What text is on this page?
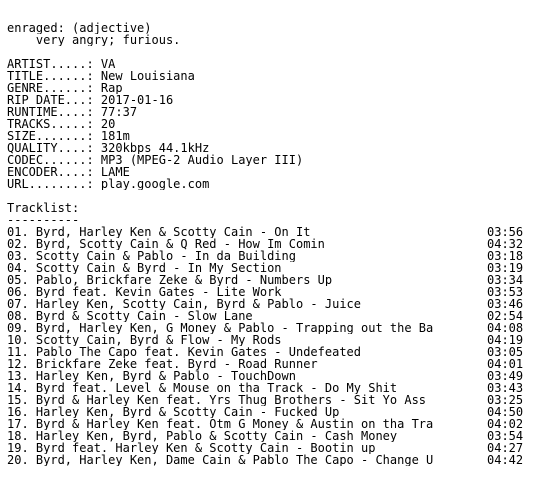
enraged: (adjective)
very angry; furious.
ARTIST.....: VA
TITLE......: New Louisiana
GENRE......: Rap
RIP DATE...: 2017-01-16
RUNTIME....: 77:37
TRACKS.....: 20
SIZE.......: 181m
QUALITY....: 320kbps 44.1kHz
CODEC......: MP3 (MPEG-2 Audio Layer III)
ENCODER....: LAME
URL........: play.google.com
Tracklist:
----------
01. Byrd, Harley Ken & Scotty Cain - On It	03:56
02. Byrd, Scotty Cain & Q Red - How Im Comin	04:32
03. Scotty Cain & Pablo - In da Building	03:18
04. Scotty Cain & Byrd - In My Section	03:19
05. Pablo, Brickfare Zeke & Byrd - Numbers Up	03:34
06. Byrd feat. Kevin Gates - Lite Work	03:53
07. Harley Ken, Scotty Cain, Byrd & Pablo - Juice	03:46
08. Byrd & Scotty Cain - Slow Lane	02:54
09. Byrd, Harley Ken, G Money & Pablo - Trapping out the Ba	04:08
10. Scotty Cain, Byrd & Flow - My Rods	04:19
11. Pablo The Capo feat. Kevin Gates - Undefeated	03:05
12. Brickfare Zeke feat. Byrd - Road Runner	04:01
13. Harley Ken, Byrd & Pablo - TouchDown	03:49
14. Byrd feat. Level & Mouse on tha Track - Do My Shit	03:43
15. Byrd & Harley Ken feat. Yrs Thug Brothers - Sit Yo Ass	03:25
16. Harley Ken, Byrd & Scotty Cain - Fucked Up	04:50
17. Byrd & Harley Ken feat. Otm G Money & Austin on tha Tra	04:02
18. Harley Ken, Byrd, Pablo & Scotty Cain - Cash Money	03:54
19. Byrd feat. Harley Ken & Scotty Cain - Bootin up	04:27
20. Byrd, Harley Ken, Dame Cain & Pablo The Capo - Change U	04:42
